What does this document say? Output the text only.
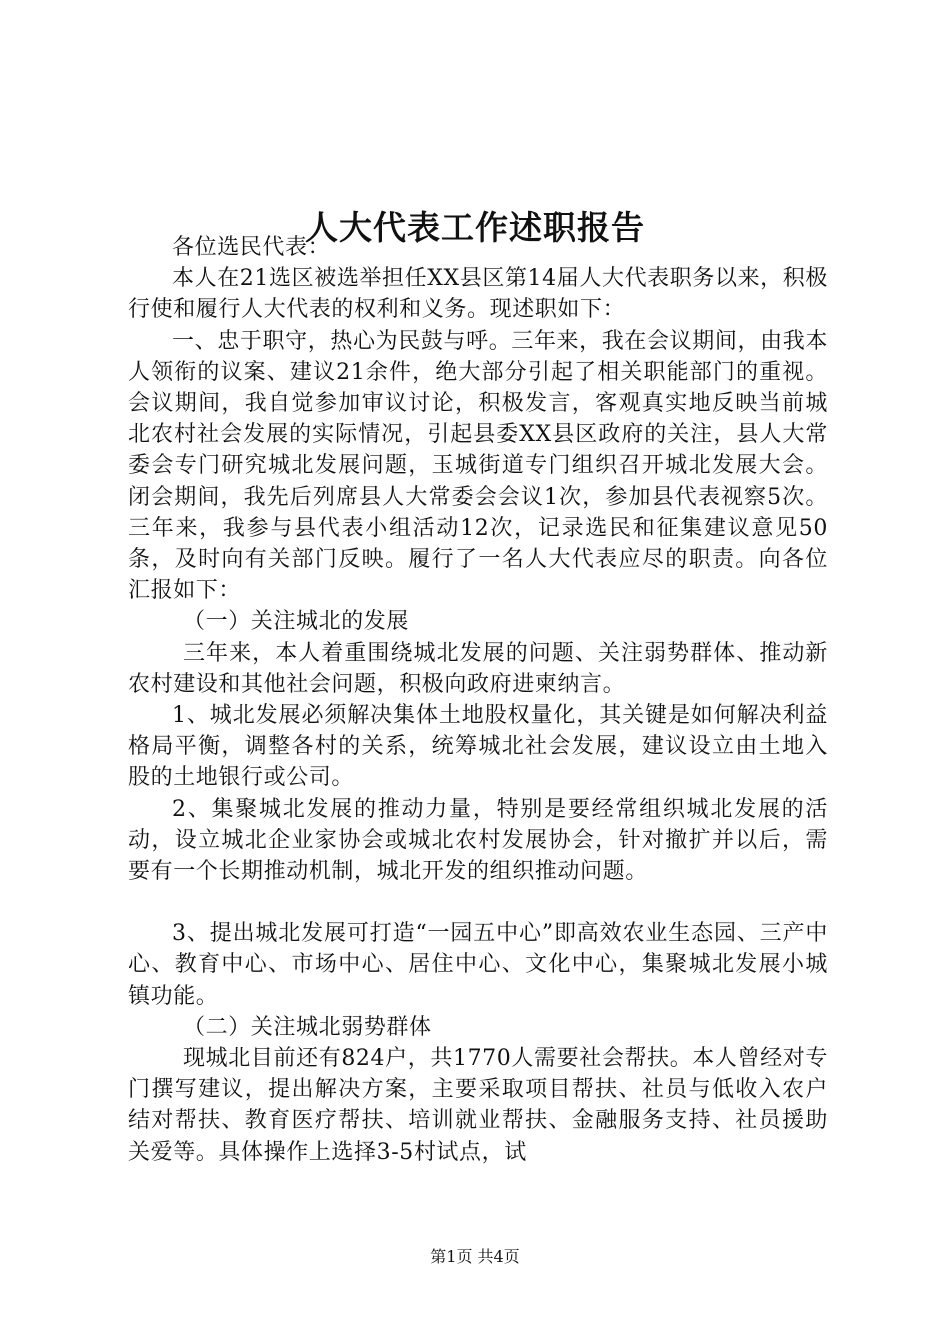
人大代表工作述职报告

各位选民代表：

本人在21选区被选举担任XX县区第14届人大代表职务以来，积极行使和履行人大代表的权利和义务。现述职如下：

一、忠于职守，热心为民鼓与呼。三年来，我在会议期间，由我本人领衔的议案、建议21余件，绝大部分引起了相关职能部门的重视。会议期间，我自觉参加审议讨论，积极发言，客观真实地反映当前城北农村社会发展的实际情况，引起县委XX县区政府的关注，县人大常委会专门研究城北发展问题，玉城街道专门组织召开城北发展大会。闭会期间，我先后列席县人大常委会会议1次，参加县代表视察5次。三年来，我参与县代表小组活动12次，记录选民和征集建议意见50条，及时向有关部门反映。履行了一名人大代表应尽的职责。向各位汇报如下：

（一）关注城北的发展

三年来，本人着重围绕城北发展的问题、关注弱势群体、推动新农村建设和其他社会问题，积极向政府进柬纳言。

1、城北发展必须解决集体土地股权量化，其关键是如何解决利益格局平衡，调整各村的关系，统筹城北社会发展，建议设立由土地入股的土地银行或公司。

2、集聚城北发展的推动力量，特别是要经常组织城北发展的活动，设立城北企业家协会或城北农村发展协会，针对撤扩并以后，需要有一个长期推动机制，城北开发的组织推动问题。

3、提出城北发展可打造“一园五中心”即高效农业生态园、三产中心、教育中心、市场中心、居住中心、文化中心，集聚城北发展小城镇功能。

（二）关注城北弱势群体

现城北目前还有824户，共1770人需要社会帮扶。本人曾经对专门撰写建议，提出解决方案，主要采取项目帮扶、社员与低收入农户结对帮扶、教育医疗帮扶、培训就业帮扶、金融服务支持、社员援助关爱等。具体操作上选择3-5村试点，试

第1页 共4页
